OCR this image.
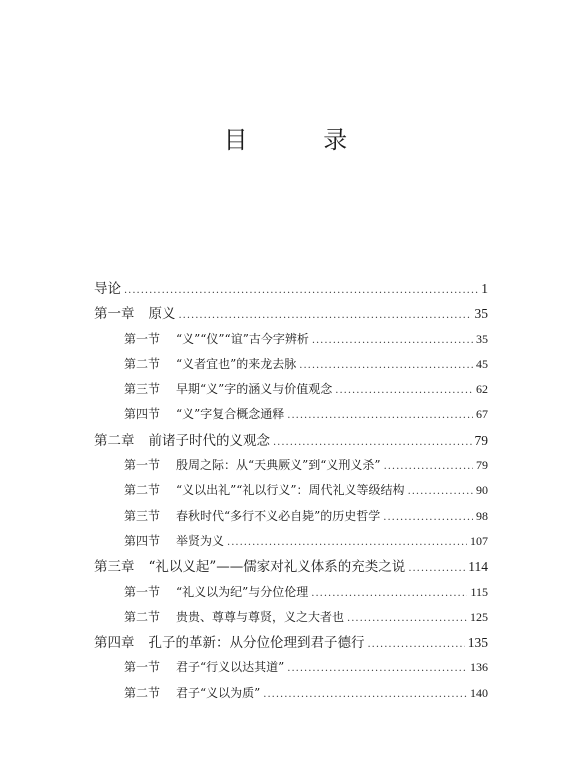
目 录
导论 .....	1
第一章 原义 .....	35
第一节 “义”“仪”“谊”古今字辨析 .....	35
第二节 “义者宜也”的来龙去脉 .....	45
第三节 早期“义”字的涵义与价值观念 .....	62
第四节 “义”字复合概念通释 .....	67
第二章 前诸子时代的义观念 .....	79
第一节 殷周之际：从“天典厥义”到“义刑义杀” .....	79
第二节 “义以出礼”“礼以行义”：周代礼义等级结构 .....	90
第三节 春秋时代“多行不义必自毙”的历史哲学 .....	98
第四节 举贤为义 .....	107
第三章 “礼以义起”——儒家对礼义体系的充类之说 .....	114
第一节 “礼义以为纪”与分位伦理 .....	115
第二节 贵贵、尊尊与尊贤，义之大者也 .....	125
第四章 孔子的革新：从分位伦理到君子德行 .....	135
第一节 君子“行义以达其道” .....	136
第二节 君子“义以为质” .....	140
